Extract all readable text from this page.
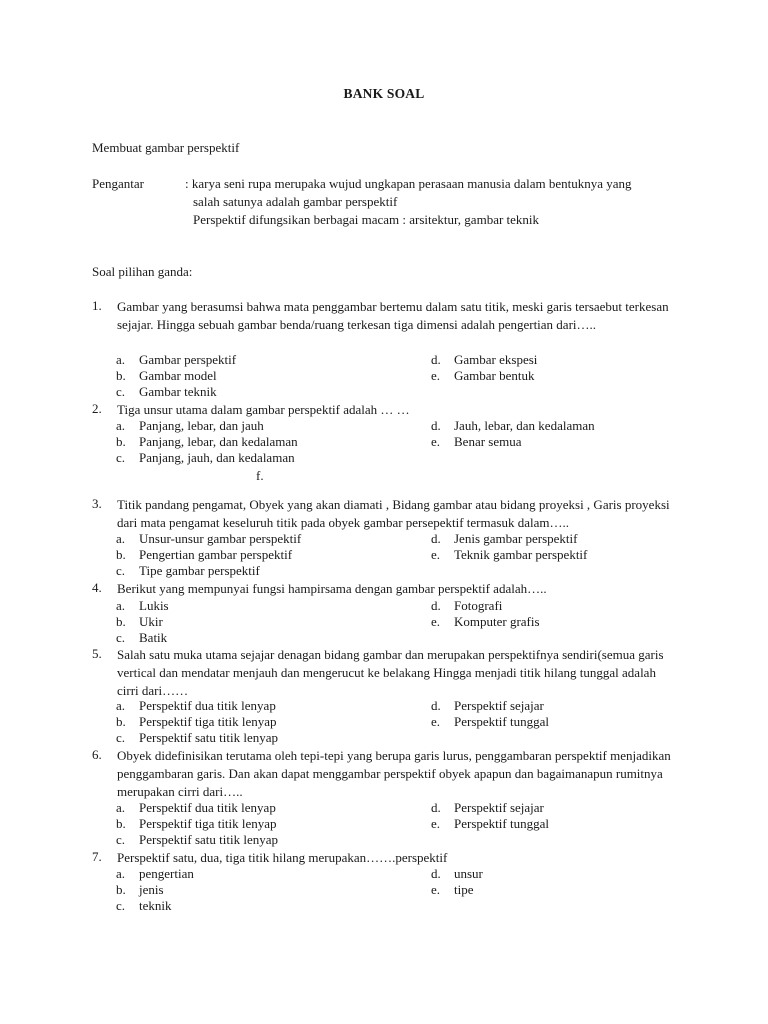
BANK SOAL
Membuat gambar perspektif
Pengantar	: karya seni rupa merupaka wujud ungkapan perasaan manusia dalam bentuknya yang
salah satunya adalah gambar perspektif
Perspektif difungsikan berbagai macam : arsitektur, gambar teknik
Soal pilihan ganda:
1. Gambar yang berasumsi bahwa mata penggambar bertemu dalam satu titik, meski garis tersaebut terkesan sejajar. Hingga sebuah gambar benda/ruang terkesan tiga dimensi adalah pengertian dari…..
a. Gambar perspektif
b. Gambar model
c. Gambar teknik
d. Gambar ekspesi
e. Gambar bentuk
2. Tiga unsur utama dalam gambar perspektif adalah … …
a. Panjang, lebar, dan jauh
b. Panjang, lebar, dan kedalaman
c. Panjang, jauh, dan kedalaman
d. Jauh, lebar, dan kedalaman
e. Benar semua
f.
3. Titik pandang pengamat, Obyek yang akan diamati , Bidang gambar atau bidang proyeksi , Garis proyeksi dari mata pengamat keseluruh titik pada obyek gambar persepektif termasuk dalam…..
a. Unsur-unsur gambar perspektif
b. Pengertian gambar perspektif
c. Tipe gambar perspektif
d. Jenis gambar perspektif
e. Teknik gambar perspektif
4. Berikut yang mempunyai fungsi hampirsama dengan gambar perspektif adalah…..
a. Lukis
b. Ukir
c. Batik
d. Fotografi
e. Komputer grafis
5. Salah satu muka utama sejajar denagan bidang gambar dan merupakan perspektifnya sendiri(semua garis vertical dan mendatar menjauh dan mengerucut ke belakang Hingga menjadi titik hilang tunggal adalah cirri dari……
a. Perspektif dua titik lenyap
b. Perspektif tiga titik lenyap
c. Perspektif satu titik lenyap
d. Perspektif sejajar
e. Perspektif tunggal
6. Obyek didefinisikan terutama oleh tepi-tepi yang berupa garis lurus, penggambaran perspektif menjadikan penggambaran garis. Dan akan dapat menggambar perspektif obyek apapun dan bagaimanapun rumitnya merupakan cirri dari…..
a. Perspektif dua titik lenyap
b. Perspektif tiga titik lenyap
c. Perspektif satu titik lenyap
d. Perspektif sejajar
e. Perspektif tunggal
7. Perspektif satu, dua, tiga titik hilang merupakan…….perspektif
a. pengertian
b. jenis
c. teknik
d. unsur
e. tipe
